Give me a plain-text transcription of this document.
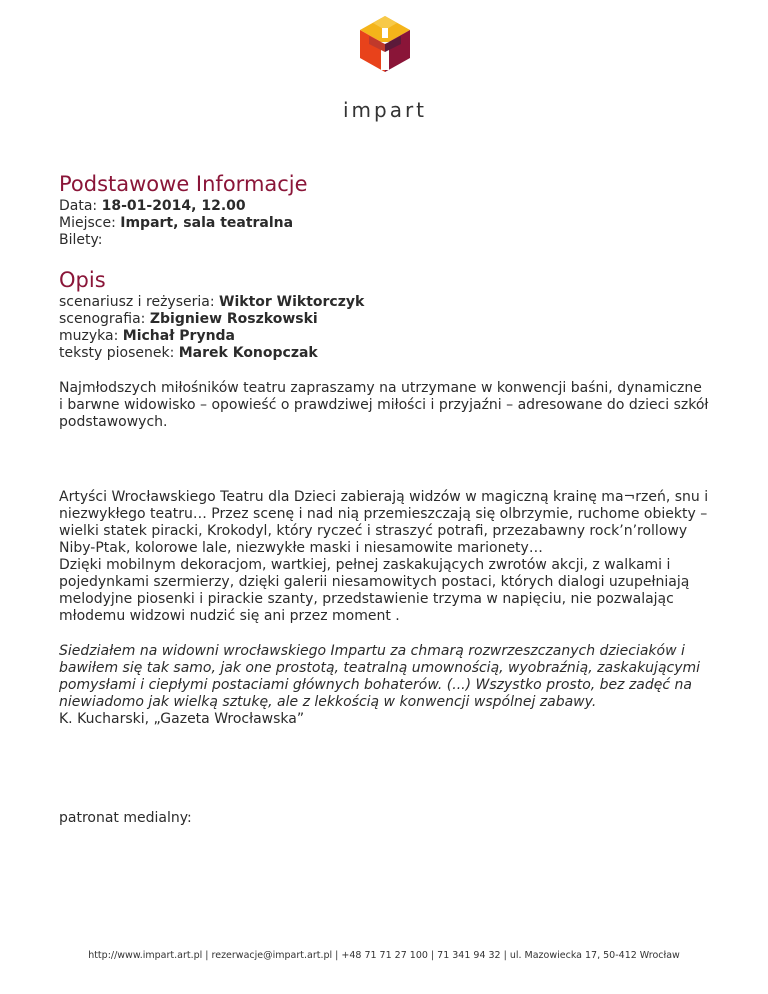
impart
Podstawowe Informacje
Data: 18-01-2014, 12.00
Miejsce: Impart, sala teatralna
Bilety:
Opis
scenariusz i reżyseria: Wiktor Wiktorczyk
scenografia: Zbigniew Roszkowski
muzyka: Michał Prynda
teksty piosenek: Marek Konopczak

Najmłodszych miłośników teatru zapraszamy na utrzymane w konwencji baśni, dynamiczne i barwne widowisko – opowieść o prawdziwej miłości i przyjaźni – adresowane do dzieci szkół podstawowych.

Artyści Wrocławskiego Teatru dla Dzieci zabierają widzów w magiczną krainę ma¬rzeń, snu i niezwykłego teatru… Przez scenę i nad nią przemieszczają się olbrzymie, ruchome obiekty – wielki statek piracki, Krokodyl, który ryczeć i straszyć potrafi, przezabawny rock’n’rollowy Niby-Ptak, kolorowe lale, niezwykłe maski i niesamowite marionety…

Dzięki mobilnym dekoracjom, wartkiej, pełnej zaskakujących zwrotów akcji, z walkami i pojedynkami szermierzy, dzięki galerii niesamowitych postaci, których dialogi uzupełniają melodyjne piosenki i pirackie szanty, przedstawienie trzyma w napięciu, nie pozwalając młodemu widzowi nudzić się ani przez moment .

Siedziałem na widowni wrocławskiego Impartu za chmarą rozwrzeszczanych dzieciaków i bawiłem się tak samo, jak one prostotą, teatralną umownością, wyobraźnią, zaskakującymi pomysłami i ciepłymi postaciami głównych bohaterów. (...) Wszystko prosto, bez zadęć na niewiadomo jak wielką sztukę, ale z lekkością w konwencji wspólnej zabawy.

K. Kucharski, „Gazeta Wrocławska”

patronat medialny:

http://www.impart.art.pl | rezerwacje@impart.art.pl | +48 71 71 27 100 | 71 341 94 32 | ul. Mazowiecka 17, 50-412 Wrocław
